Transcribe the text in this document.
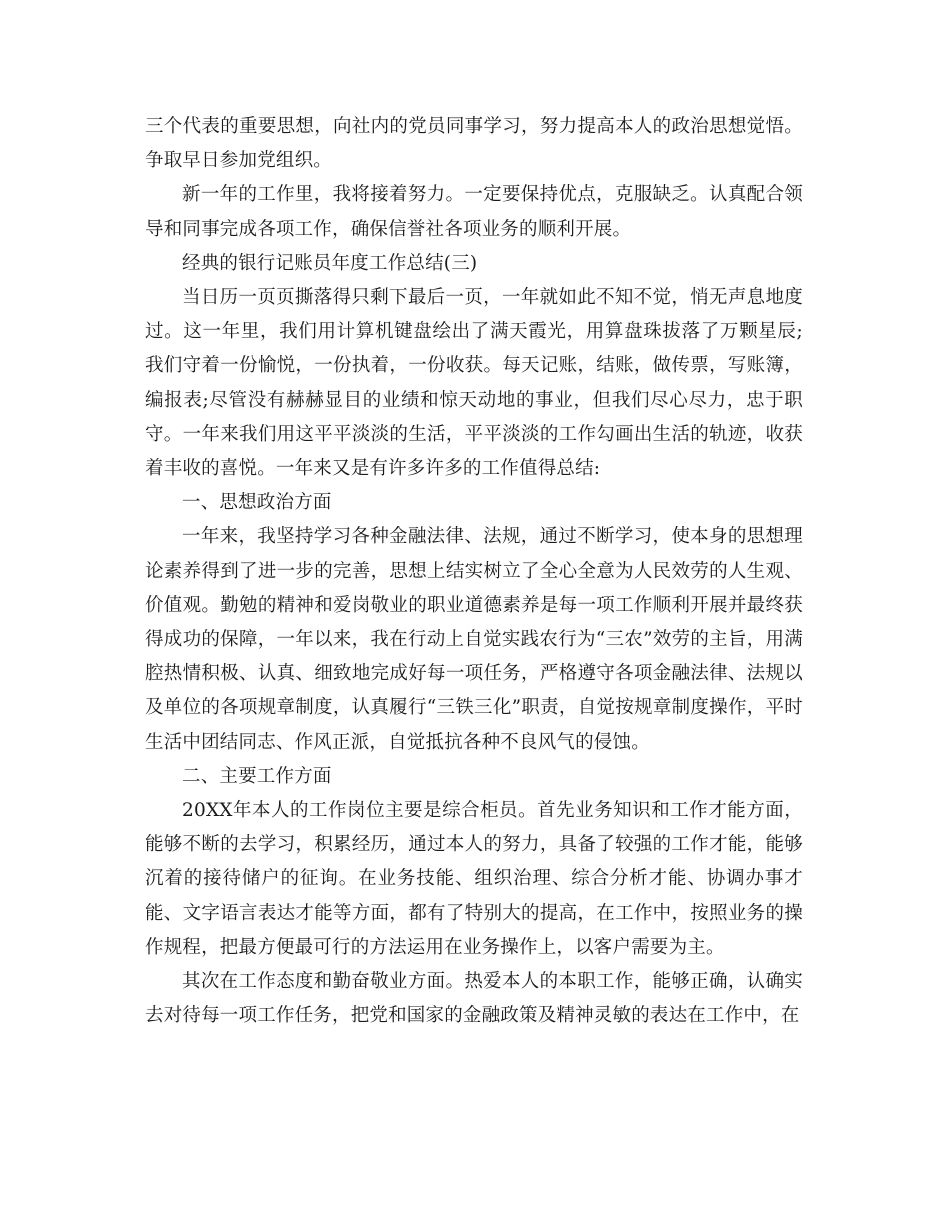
三个代表的重要思想，向社内的党员同事学习，努力提高本人的政治思想觉悟。争取早日参加党组织。

新一年的工作里，我将接着努力。一定要保持优点，克服缺乏。认真配合领导和同事完成各项工作，确保信誉社各项业务的顺利开展。

经典的银行记账员年度工作总结(三)

当日历一页页撕落得只剩下最后一页，一年就如此不知不觉，悄无声息地度过。这一年里，我们用计算机键盘绘出了满天霞光，用算盘珠拔落了万颗星辰;我们守着一份愉悦，一份执着，一份收获。每天记账，结账，做传票，写账簿，编报表;尽管没有赫赫显目的业绩和惊天动地的事业，但我们尽心尽力，忠于职守。一年来我们用这平平淡淡的生活，平平淡淡的工作勾画出生活的轨迹，收获着丰收的喜悦。一年来又是有许多许多的工作值得总结:

一、思想政治方面

一年来，我坚持学习各种金融法律、法规，通过不断学习，使本身的思想理论素养得到了进一步的完善，思想上结实树立了全心全意为人民效劳的人生观、价值观。勤勉的精神和爱岗敬业的职业道德素养是每一项工作顺利开展并最终获得成功的保障，一年以来，我在行动上自觉实践农行为“三农”效劳的主旨，用满腔热情积极、认真、细致地完成好每一项任务，严格遵守各项金融法律、法规以及单位的各项规章制度，认真履行“三铁三化”职责，自觉按规章制度操作，平时生活中团结同志、作风正派，自觉抵抗各种不良风气的侵蚀。

二、主要工作方面

20XX年本人的工作岗位主要是综合柜员。首先业务知识和工作才能方面，能够不断的去学习，积累经历，通过本人的努力，具备了较强的工作才能，能够沉着的接待储户的征询。在业务技能、组织治理、综合分析才能、协调办事才能、文字语言表达才能等方面，都有了特别大的提高，在工作中，按照业务的操作规程，把最方便最可行的方法运用在业务操作上，以客户需要为主。

其次在工作态度和勤奋敬业方面。热爱本人的本职工作，能够正确，认确实去对待每一项工作任务，把党和国家的金融政策及精神灵敏的表达在工作中，在
